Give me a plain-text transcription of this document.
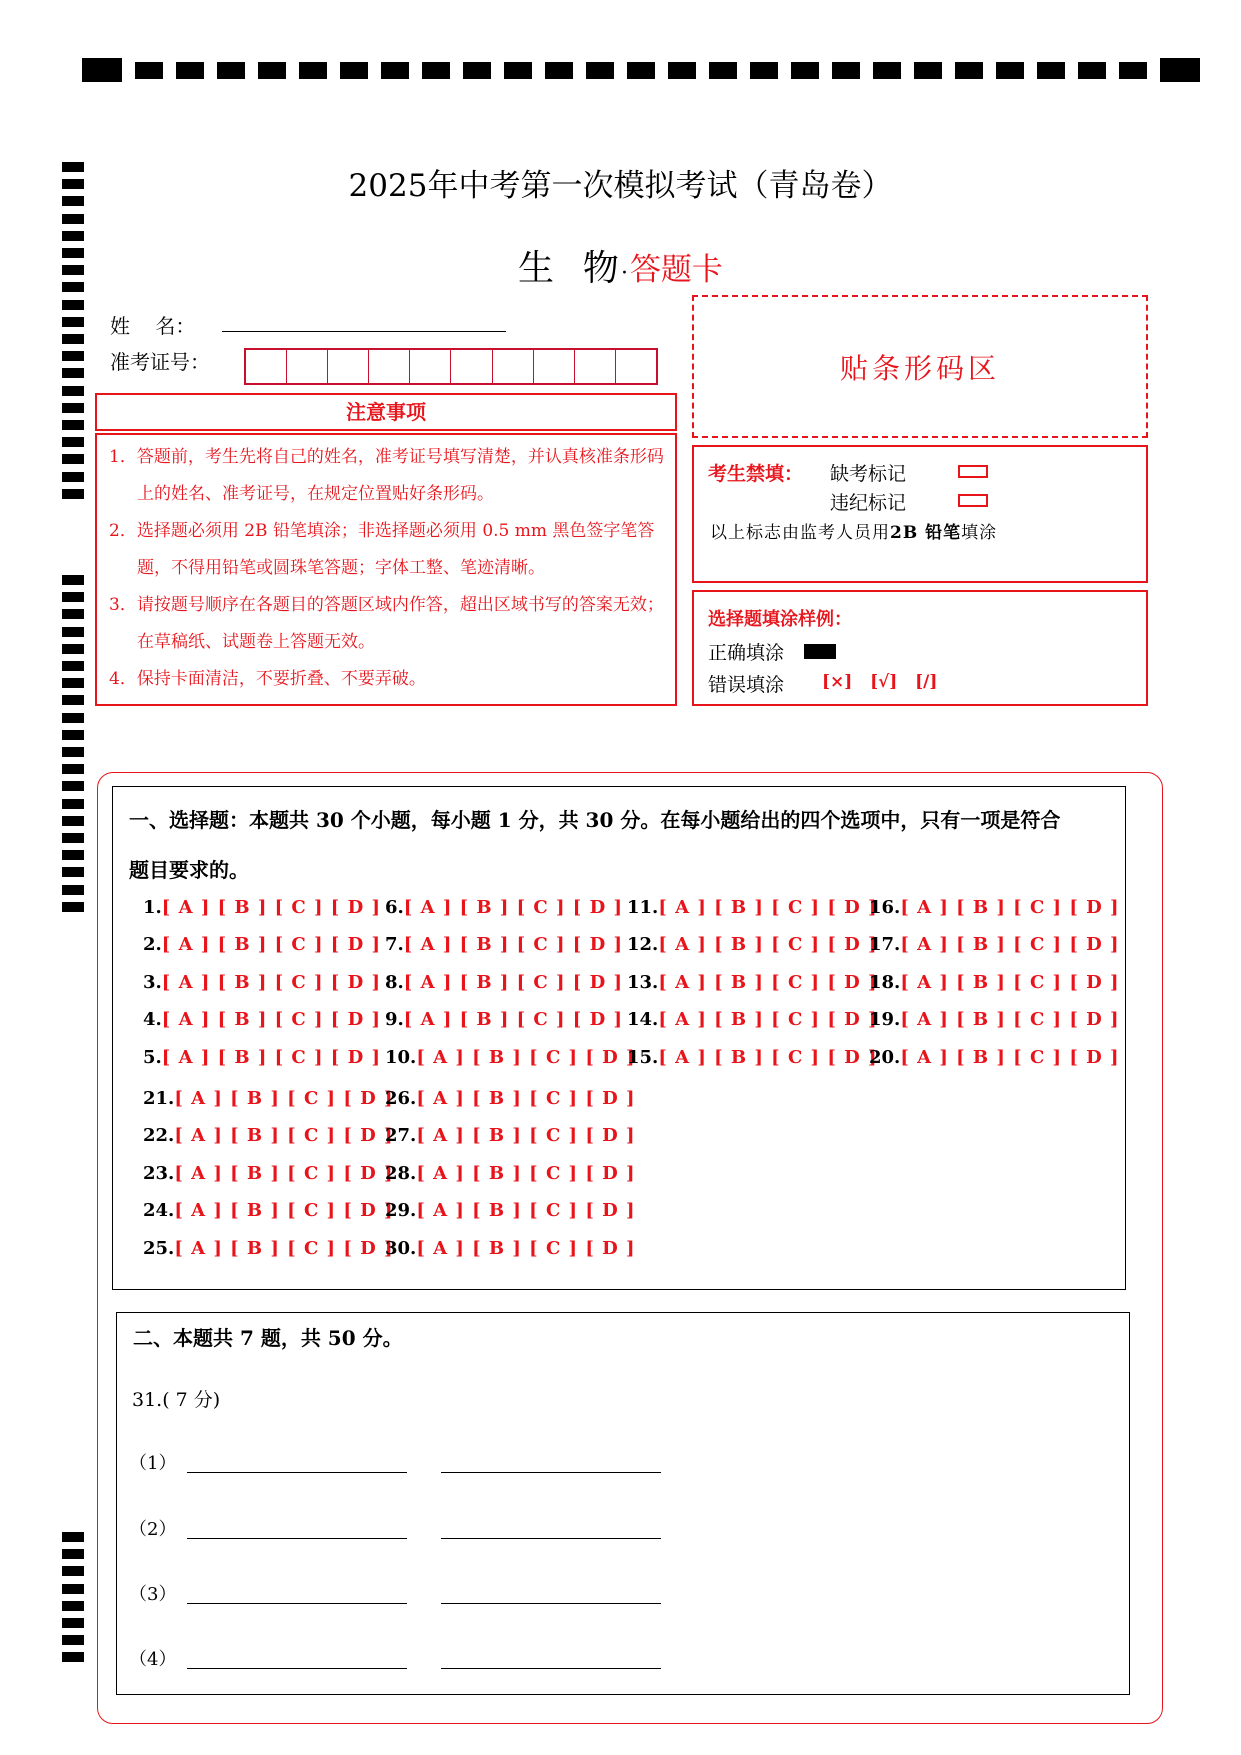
2025年中考第一次模拟考试（青岛卷）
生  物·答题卡
姓    名：
准考证号：	贴条形码区
注意事项
1．答题前，考生先将自己的姓名，准考证号填写清楚，并认真核准条形码上的姓名、准考证号，在规定位置贴好条形码。
2．选择题必须用 2B 铅笔填涂；非选择题必须用 0.5 mm 黑色签字笔答题，不得用铅笔或圆珠笔答题；字体工整、笔迹清晰。
3．请按题号顺序在各题目的答题区域内作答，超出区域书写的答案无效；在草稿纸、试题卷上答题无效。
4．保持卡面清洁，不要折叠、不要弄破。
考生禁填： 缺考标记
违纪标记
以上标志由监考人员用2B 铅笔填涂
选择题填涂样例：
正确填涂
错误填涂 [×]   [√]   [/]
一、选择题：本题共 30 个小题，每小题 1 分，共 30 分。在每小题给出的四个选项中，只有一项是符合
题目要求的。
1.[ A ] [ B ] [ C ] [ D ]
2.[ A ] [ B ] [ C ] [ D ]
3.[ A ] [ B ] [ C ] [ D ]
4.[ A ] [ B ] [ C ] [ D ]
5.[ A ] [ B ] [ C ] [ D ]
6.[ A ] [ B ] [ C ] [ D ]
7.[ A ] [ B ] [ C ] [ D ]
8.[ A ] [ B ] [ C ] [ D ]
9.[ A ] [ B ] [ C ] [ D ]
10.[ A ] [ B ] [ C ] [ D ]
11.[ A ] [ B ] [ C ] [ D ]
12.[ A ] [ B ] [ C ] [ D ]
13.[ A ] [ B ] [ C ] [ D ]
14.[ A ] [ B ] [ C ] [ D ]
15.[ A ] [ B ] [ C ] [ D ]
16.[ A ] [ B ] [ C ] [ D ]
17.[ A ] [ B ] [ C ] [ D ]
18.[ A ] [ B ] [ C ] [ D ]
19.[ A ] [ B ] [ C ] [ D ]
20.[ A ] [ B ] [ C ] [ D ]
21.[ A ] [ B ] [ C ] [ D ]
22.[ A ] [ B ] [ C ] [ D ]
23.[ A ] [ B ] [ C ] [ D ]
24.[ A ] [ B ] [ C ] [ D ]
25.[ A ] [ B ] [ C ] [ D ]
26.[ A ] [ B ] [ C ] [ D ]
27.[ A ] [ B ] [ C ] [ D ]
28.[ A ] [ B ] [ C ] [ D ]
29.[ A ] [ B ] [ C ] [ D ]
30.[ A ] [ B ] [ C ] [ D ]
二、本题共 7 题，共 50 分。
31.( 7 分)
（1）
（2）
（3）
（4）
